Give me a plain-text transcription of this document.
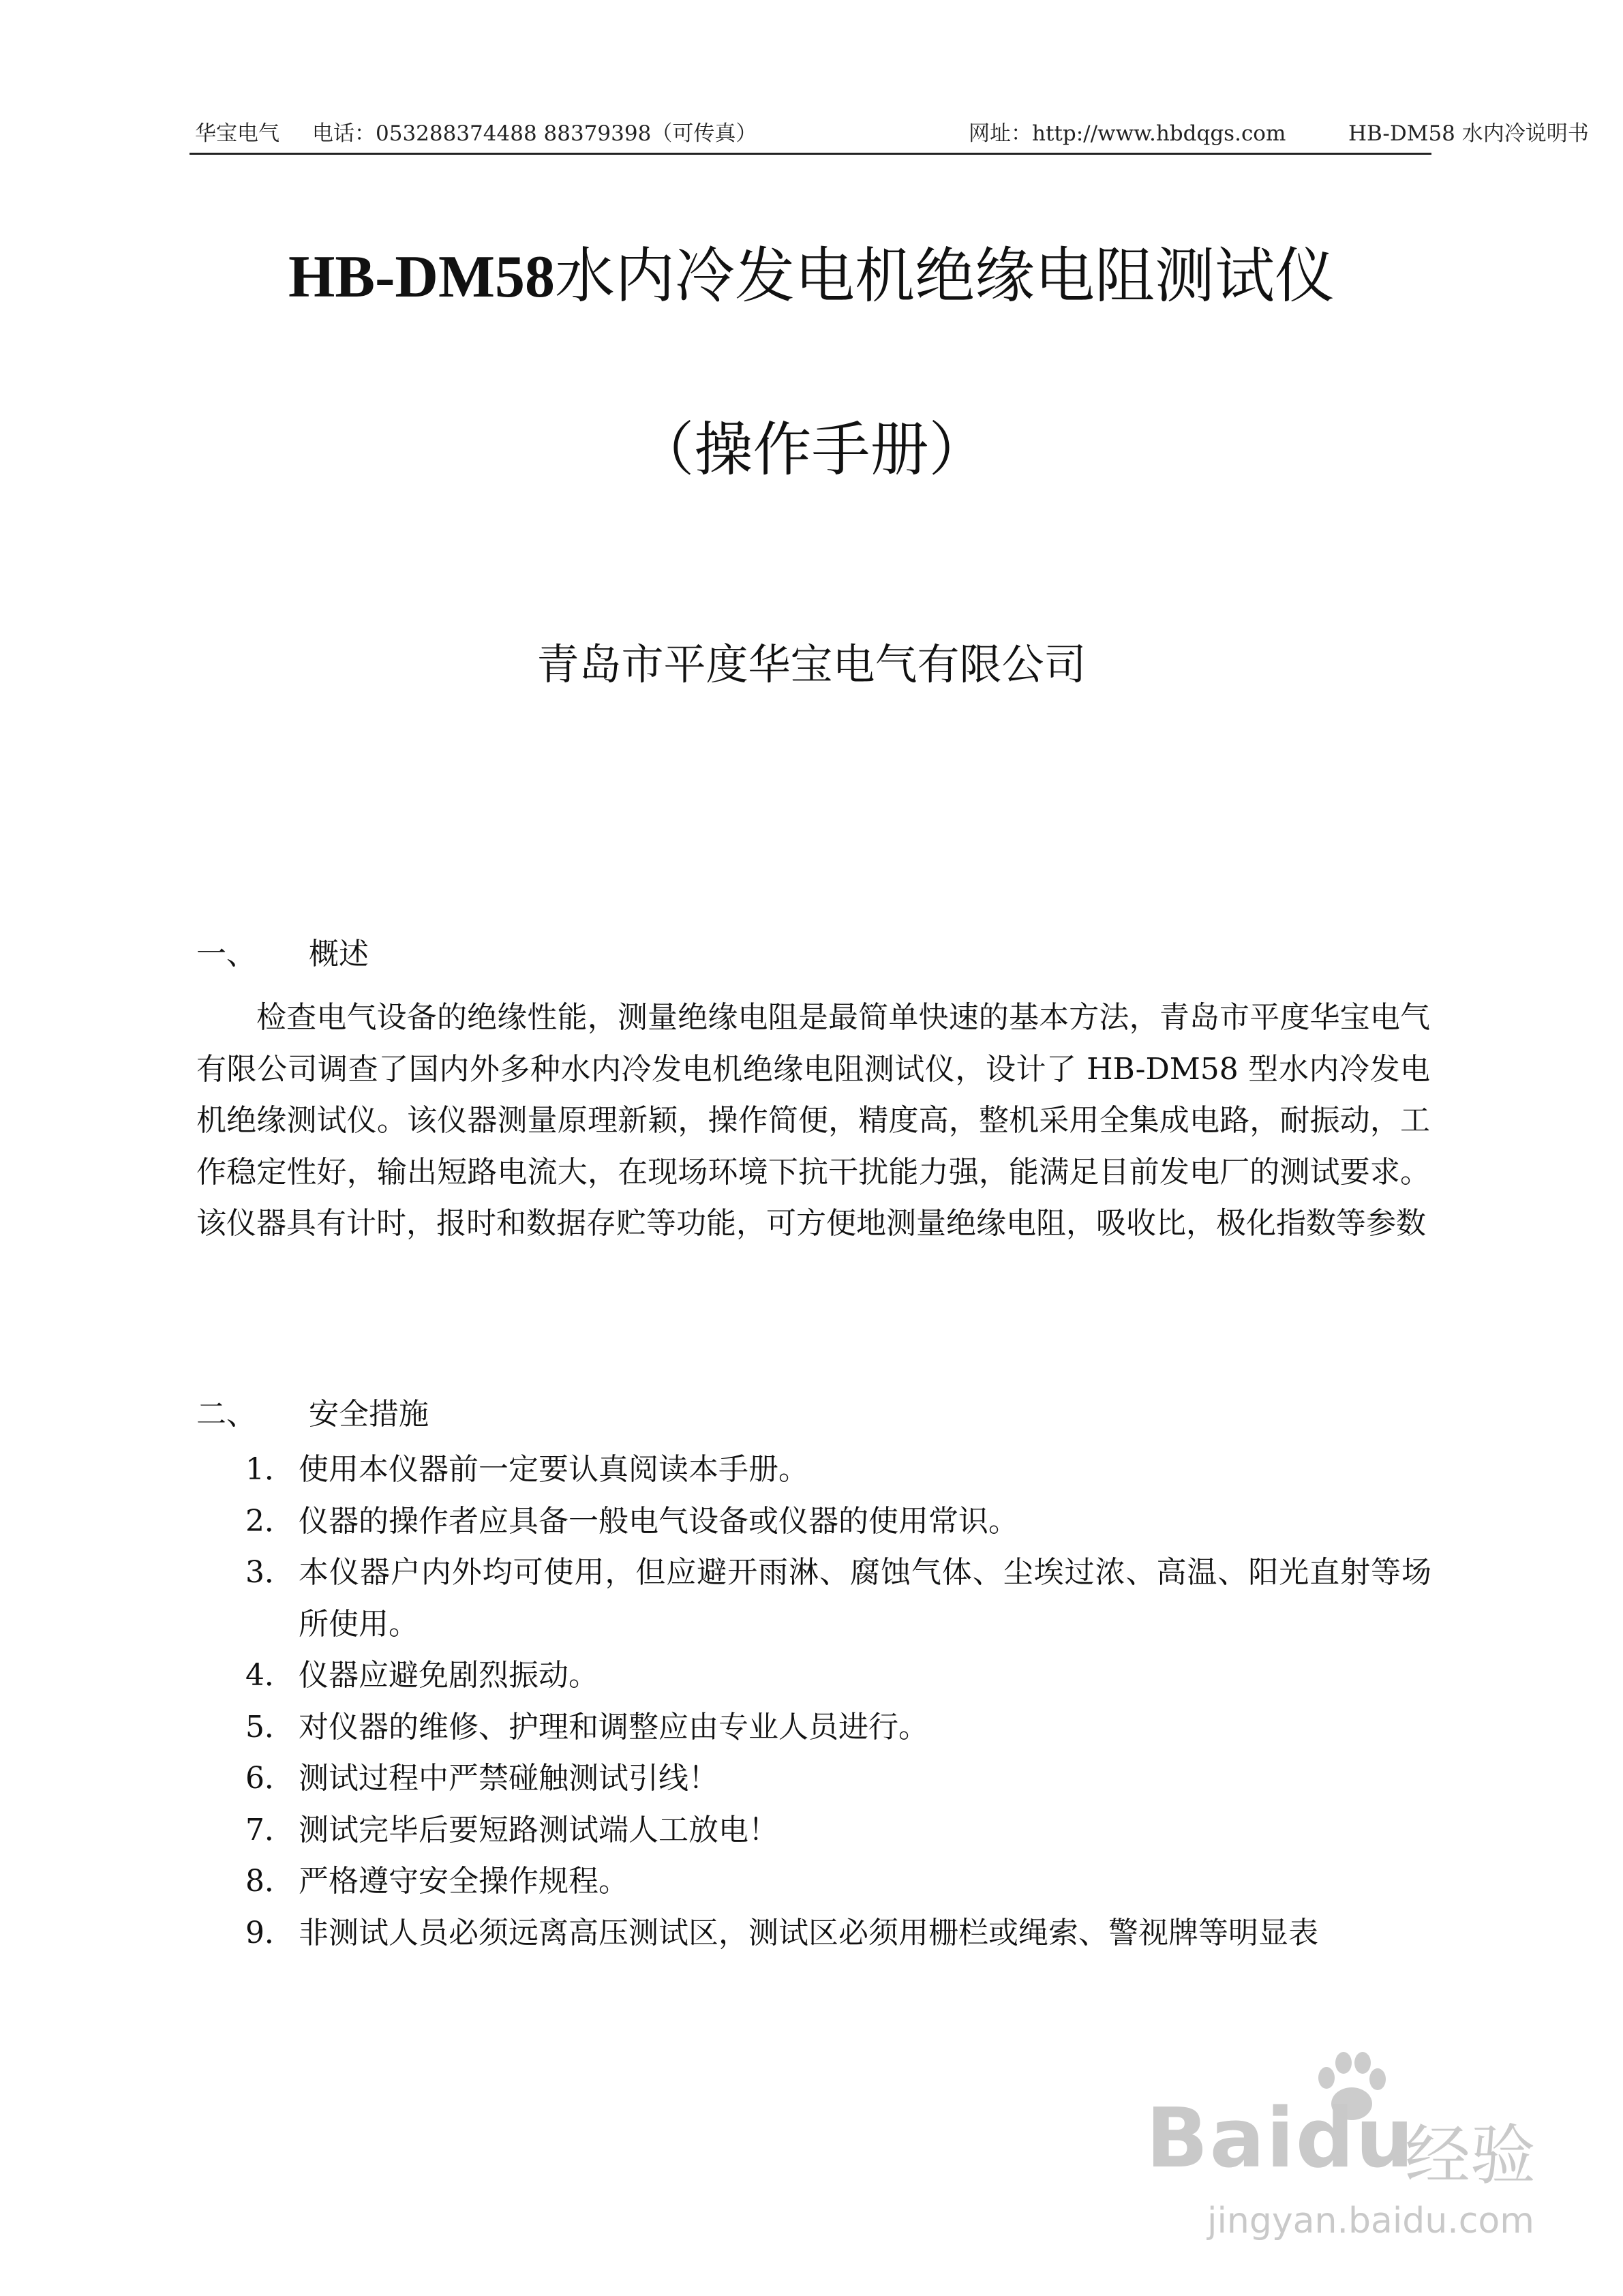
华宝电气 电话：053288374488 88379398（可传真）	网址：http://www.hbdqgs.com	HB-DM58 水内冷说明书
HB-DM58水内冷发电机绝缘电阻测试仪
（操作手册）
青岛市平度华宝电气有限公司
一、 概述

检查电气设备的绝缘性能，测量绝缘电阻是最简单快速的基本方法，青岛市平度华宝电气有限公司调查了国内外多种水内冷发电机绝缘电阻测试仪，设计了 HB-DM58 型水内冷发电机绝缘测试仪。该仪器测量原理新颖，操作简便，精度高，整机采用全集成电路，耐振动，工作稳定性好，输出短路电流大，在现场环境下抗干扰能力强，能满足目前发电厂的测试要求。该仪器具有计时，报时和数据存贮等功能，可方便地测量绝缘电阻，吸收比，极化指数等参数

二、 安全措施
1． 使用本仪器前一定要认真阅读本手册。
2． 仪器的操作者应具备一般电气设备或仪器的使用常识。
3． 本仪器户内外均可使用，但应避开雨淋、腐蚀气体、尘埃过浓、高温、阳光直射等场所使用。
4． 仪器应避免剧烈振动。
5． 对仪器的维修、护理和调整应由专业人员进行。
6． 测试过程中严禁碰触测试引线！
7． 测试完毕后要短路测试端人工放电！
8． 严格遵守安全操作规程。
9． 非测试人员必须远离高压测试区，测试区必须用栅栏或绳索、警视牌等明显表
Baidu
经验
jingyan.baidu.com
